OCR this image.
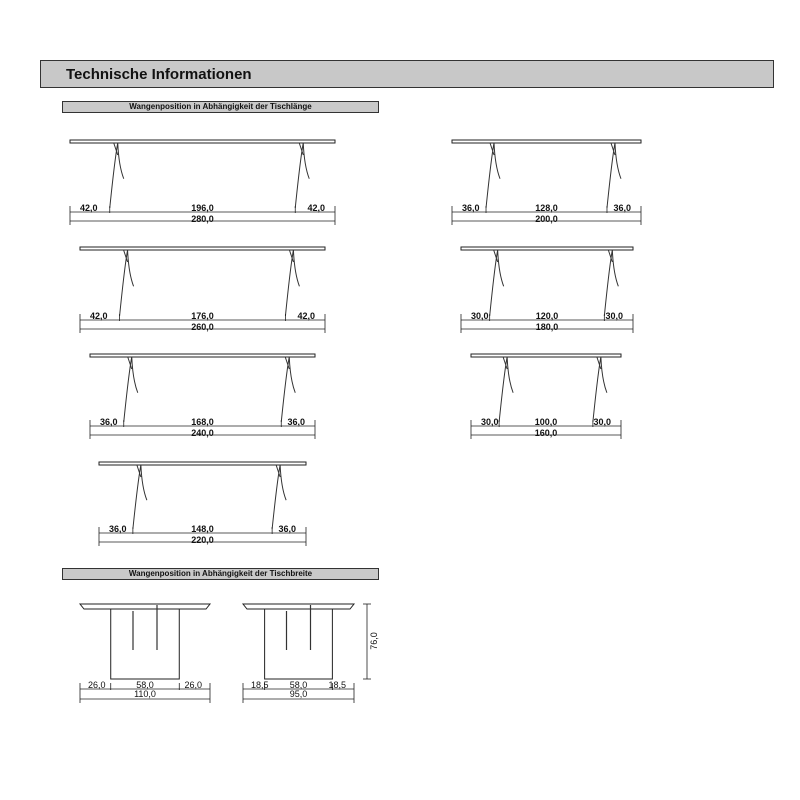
Technische Informationen
Wangenposition in Abhängigkeit der Tischlänge
Wangenposition in Abhängigkeit der Tischbreite
42,0	196,0	42,0
280,0
42,0	176,0	42,0
260,0
36,0	168,0	36,0
240,0
36,0	148,0	36,0
220,0
36,0	128,0	36,0
200,0
30,0	120,0	30,0
180,0
30,0	100,0	30,0
160,0
26,0	58,0	26,0
110,0
18,5 58,0 18,5
95,0
76,0
